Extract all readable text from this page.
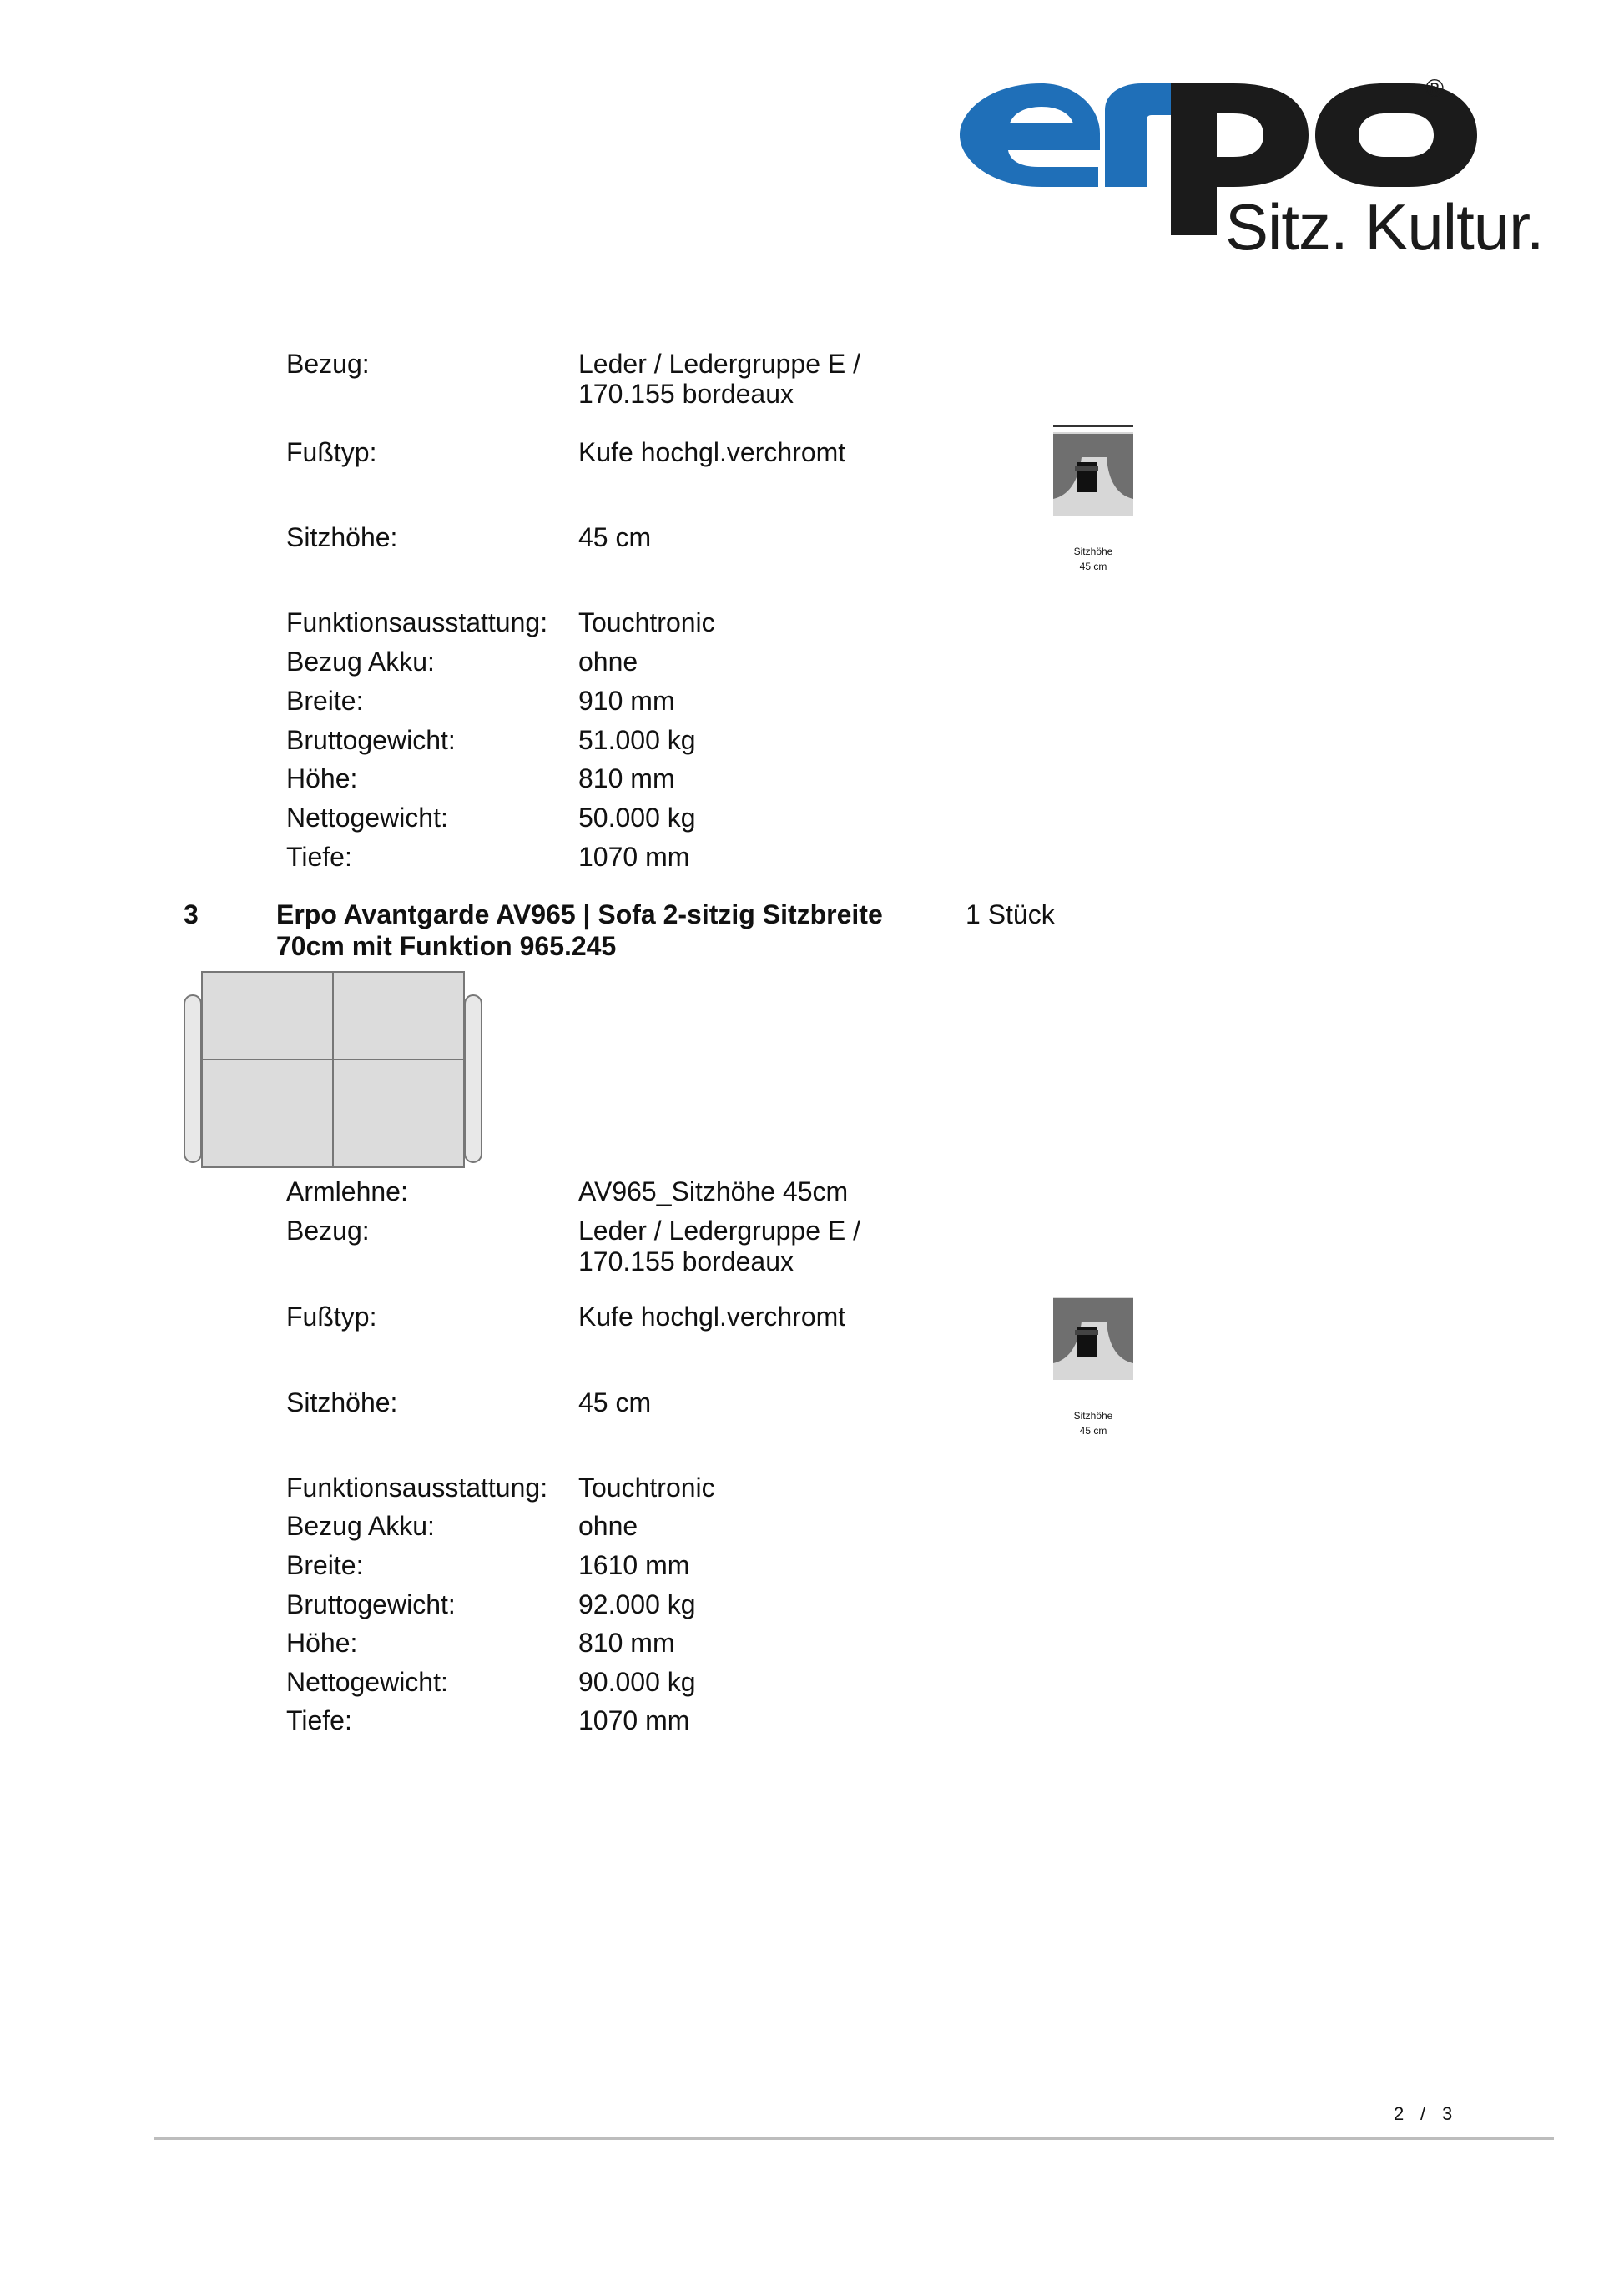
®
Sitz. Kultur.
Bezug:	Leder / Ledergruppe E /
170.155 bordeaux
Fußtyp:	Kufe hochgl.verchromt
Sitzhöhe:	45 cm	Sitzhöhe
45 cm
Funktionsausstattung: Touchtronic
Bezug Akku:	ohne
Breite:	910 mm
Bruttogewicht:	51.000 kg
Höhe:	810 mm
Nettogewicht:	50.000 kg
Tiefe:	1070 mm
3	Erpo Avantgarde AV965 | Sofa 2-sitzig Sitzbreite
70cm mit Funktion 965.245
1 Stück
Armlehne:	AV965_Sitzhöhe 45cm
Bezug:	Leder / Ledergruppe E /
170.155 bordeaux
Fußtyp:	Kufe hochgl.verchromt
Sitzhöhe:	45 cm	Sitzhöhe
45 cm
Funktionsausstattung: Touchtronic
Bezug Akku:	ohne
Breite:	1610 mm
Bruttogewicht:	92.000 kg
Höhe:	810 mm
Nettogewicht:	90.000 kg
Tiefe:	1070 mm
2 / 3
